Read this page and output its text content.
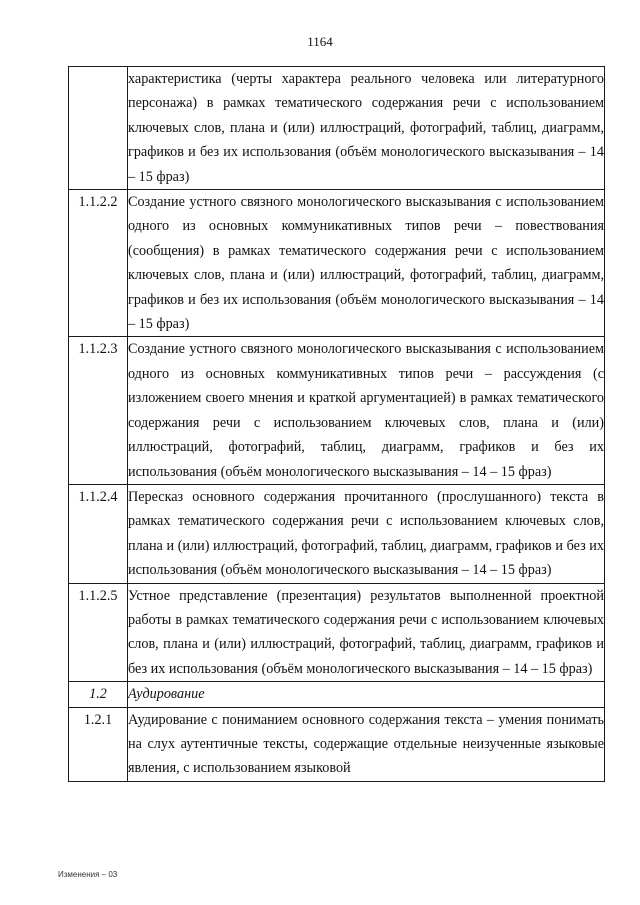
1164

	характеристика (черты характера реального человека или литературного персонажа) в рамках тематического содержания речи с использованием ключевых слов, плана и (или) иллюстраций, фотографий, таблиц, диаграмм, графиков и без их использования (объём монологического высказывания – 14 – 15 фраз)

1.1.2.2	Создание устного связного монологического высказывания с использованием одного из основных коммуникативных типов речи – повествования (сообщения) в рамках тематического содержания речи с использованием ключевых слов, плана и (или) иллюстраций, фотографий, таблиц, диаграмм, графиков и без их использования (объём монологического высказывания – 14 – 15 фраз)

1.1.2.3	Создание устного связного монологического высказывания с использованием одного из основных коммуникативных типов речи – рассуждения (с изложением своего мнения и краткой аргументацией) в рамках тематического содержания речи с использованием ключевых слов, плана и (или) иллюстраций, фотографий, таблиц, диаграмм, графиков и без их использования (объём монологического высказывания – 14 – 15 фраз)

1.1.2.4	Пересказ основного содержания прочитанного (прослушанного) текста в рамках тематического содержания речи с использованием ключевых слов, плана и (или) иллюстраций, фотографий, таблиц, диаграмм, графиков и без их использования (объём монологического высказывания – 14 – 15 фраз)

1.1.2.5	Устное представление (презентация) результатов выполненной проектной работы в рамках тематического содержания речи с использованием ключевых слов, плана и (или) иллюстраций, фотографий, таблиц, диаграмм, графиков и без их использования (объём монологического высказывания – 14 – 15 фраз)

1.2	Аудирование
1.2.1	Аудирование с пониманием основного содержания текста – умения понимать на слух аутентичные тексты, содержащие отдельные неизученные языковые явления, с использованием языковой
Изменения – 03
